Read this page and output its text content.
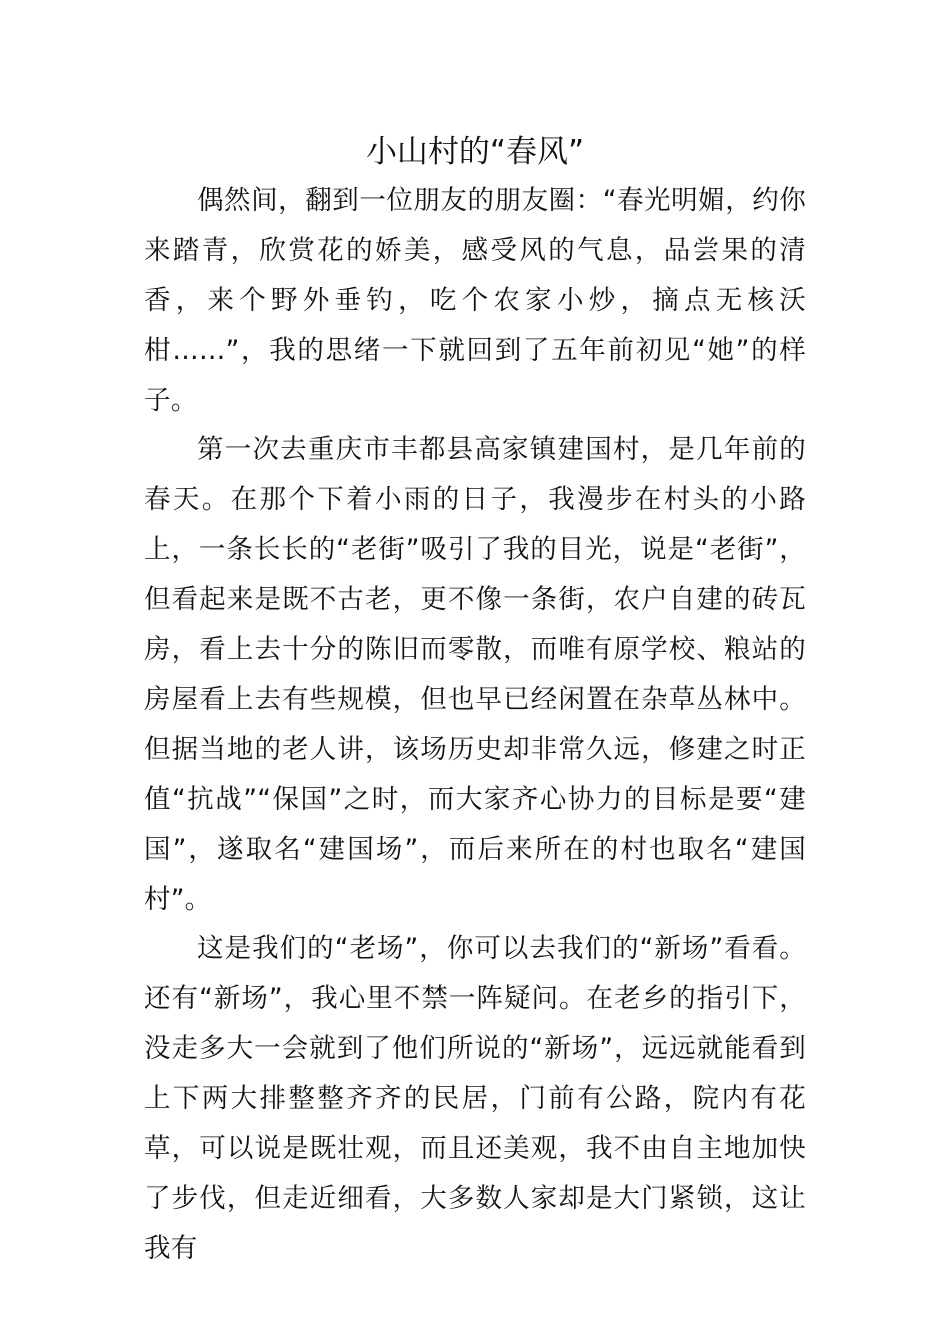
小山村的“春风”

偶然间，翻到一位朋友的朋友圈：“春光明媚，约你来踏青，欣赏花的娇美，感受风的气息，品尝果的清香，来个野外垂钓，吃个农家小炒，摘点无核沃柑……”，我的思绪一下就回到了五年前初见“她”的样子。

第一次去重庆市丰都县高家镇建国村，是几年前的春天。在那个下着小雨的日子，我漫步在村头的小路上，一条长长的“老街”吸引了我的目光，说是“老街”，但看起来是既不古老，更不像一条街，农户自建的砖瓦房，看上去十分的陈旧而零散，而唯有原学校、粮站的房屋看上去有些规模，但也早已经闲置在杂草丛林中。但据当地的老人讲，该场历史却非常久远，修建之时正值“抗战”“保国”之时，而大家齐心协力的目标是要“建国”，遂取名“建国场”，而后来所在的村也取名“建国村”。

这是我们的“老场”，你可以去我们的“新场”看看。还有“新场”，我心里不禁一阵疑问。在老乡的指引下，没走多大一会就到了他们所说的“新场”，远远就能看到上下两大排整整齐齐的民居，门前有公路，院内有花草，可以说是既壮观，而且还美观，我不由自主地加快了步伐，但走近细看，大多数人家却是大门紧锁，这让我有
